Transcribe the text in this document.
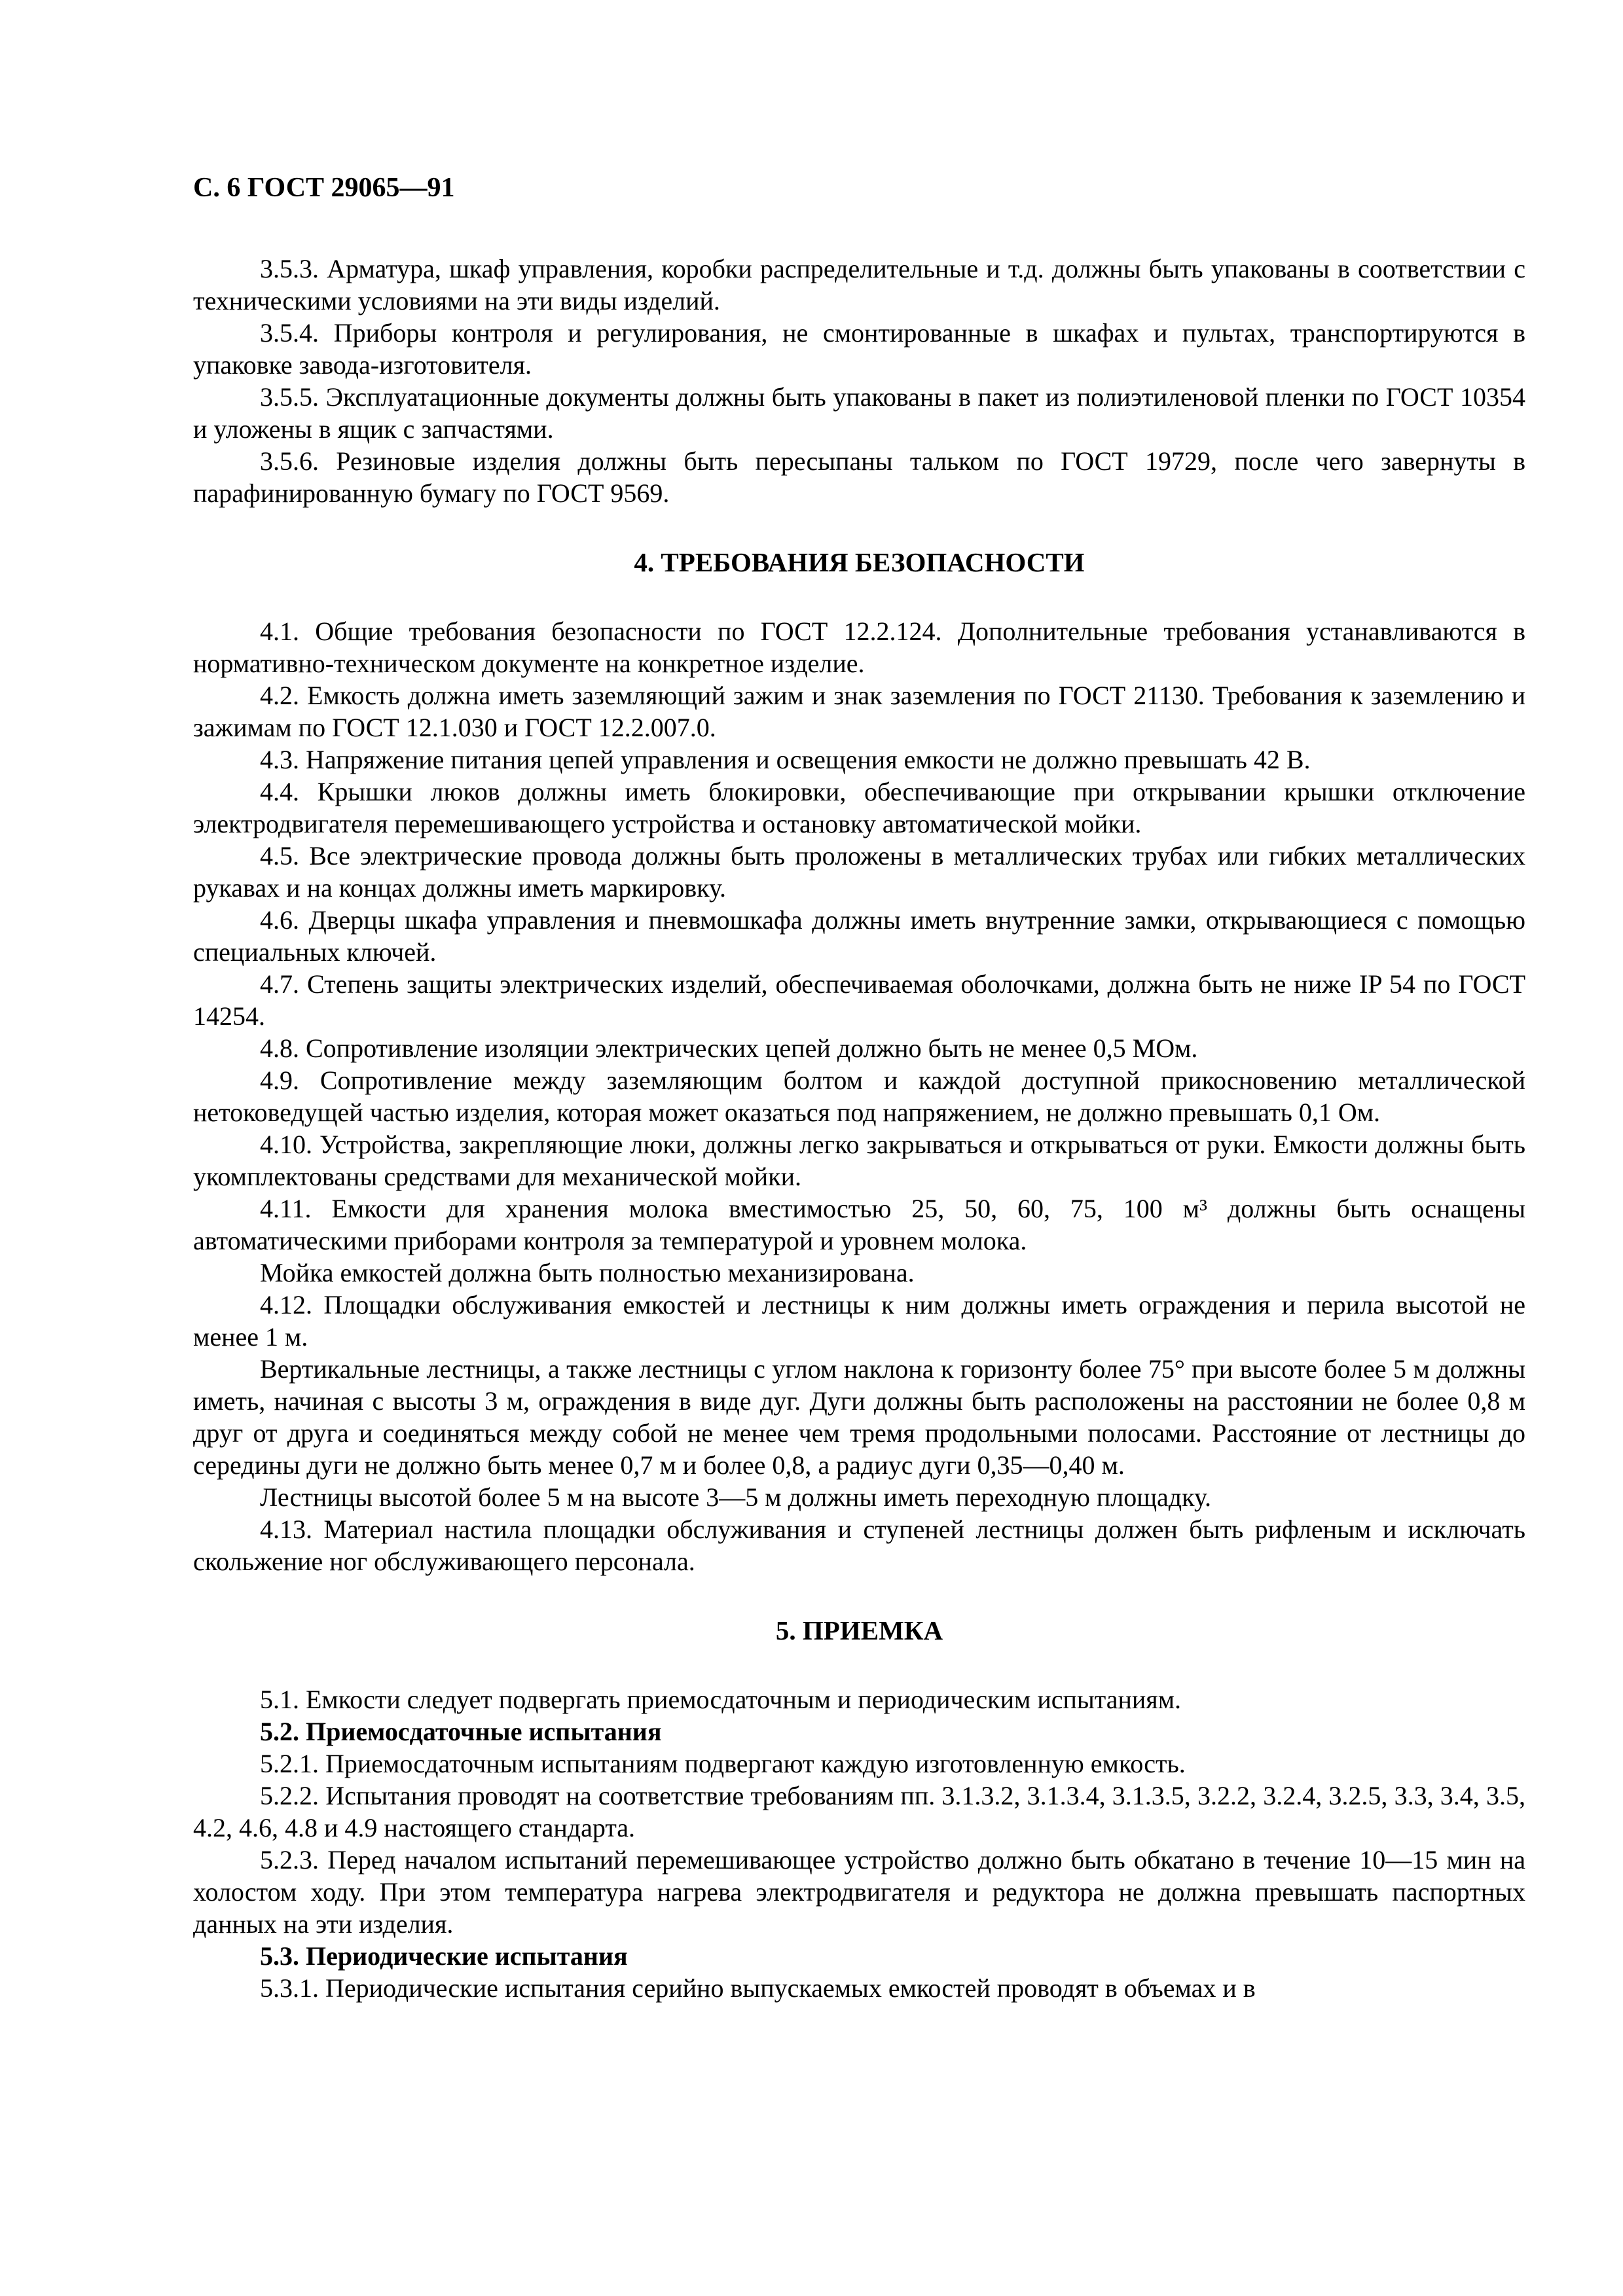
С. 6 ГОСТ 29065—91

3.5.3. Арматура, шкаф управления, коробки распределительные и т.д. должны быть упакованы в соответствии с техническими условиями на эти виды изделий.

3.5.4. Приборы контроля и регулирования, не смонтированные в шкафах и пультах, транспортируются в упаковке завода-изготовителя.

3.5.5. Эксплуатационные документы должны быть упакованы в пакет из полиэтиленовой пленки по ГОСТ 10354 и уложены в ящик с запчастями.

3.5.6. Резиновые изделия должны быть пересыпаны тальком по ГОСТ 19729, после чего завернуты в парафинированную бумагу по ГОСТ 9569.

4. ТРЕБОВАНИЯ БЕЗОПАСНОСТИ

4.1. Общие требования безопасности по ГОСТ 12.2.124. Дополнительные требования устанавливаются в нормативно-техническом документе на конкретное изделие.

4.2. Емкость должна иметь заземляющий зажим и знак заземления по ГОСТ 21130. Требования к заземлению и зажимам по ГОСТ 12.1.030 и ГОСТ 12.2.007.0.

4.3. Напряжение питания цепей управления и освещения емкости не должно превышать 42 В.

4.4. Крышки люков должны иметь блокировки, обеспечивающие при открывании крышки отключение электродвигателя перемешивающего устройства и остановку автоматической мойки.

4.5. Все электрические провода должны быть проложены в металлических трубах или гибких металлических рукавах и на концах должны иметь маркировку.

4.6. Дверцы шкафа управления и пневмошкафа должны иметь внутренние замки, открывающиеся с помощью специальных ключей.

4.7. Степень защиты электрических изделий, обеспечиваемая оболочками, должна быть не ниже IP 54 по ГОСТ 14254.

4.8. Сопротивление изоляции электрических цепей должно быть не менее 0,5 МОм.

4.9. Сопротивление между заземляющим болтом и каждой доступной прикосновению металлической нетоковедущей частью изделия, которая может оказаться под напряжением, не должно превышать 0,1 Ом.

4.10. Устройства, закрепляющие люки, должны легко закрываться и открываться от руки. Емкости должны быть укомплектованы средствами для механической мойки.

4.11. Емкости для хранения молока вместимостью 25, 50, 60, 75, 100 м³ должны быть оснащены автоматическими приборами контроля за температурой и уровнем молока.

Мойка емкостей должна быть полностью механизирована.

4.12. Площадки обслуживания емкостей и лестницы к ним должны иметь ограждения и перила высотой не менее 1 м.

Вертикальные лестницы, а также лестницы с углом наклона к горизонту более 75° при высоте более 5 м должны иметь, начиная с высоты 3 м, ограждения в виде дуг. Дуги должны быть расположены на расстоянии не более 0,8 м друг от друга и соединяться между собой не менее чем тремя продольными полосами. Расстояние от лестницы до середины дуги не должно быть менее 0,7 м и более 0,8, а радиус дуги 0,35—0,40 м.

Лестницы высотой более 5 м на высоте 3—5 м должны иметь переходную площадку.

4.13. Материал настила площадки обслуживания и ступеней лестницы должен быть рифленым и исключать скольжение ног обслуживающего персонала.

5. ПРИЕМКА

5.1. Емкости следует подвергать приемосдаточным и периодическим испытаниям.

5.2. Приемосдаточные испытания

5.2.1. Приемосдаточным испытаниям подвергают каждую изготовленную емкость.

5.2.2. Испытания проводят на соответствие требованиям пп. 3.1.3.2, 3.1.3.4, 3.1.3.5, 3.2.2, 3.2.4, 3.2.5, 3.3, 3.4, 3.5, 4.2, 4.6, 4.8 и 4.9 настоящего стандарта.

5.2.3. Перед началом испытаний перемешивающее устройство должно быть обкатано в течение 10—15 мин на холостом ходу. При этом температура нагрева электродвигателя и редуктора не должна превышать паспортных данных на эти изделия.

5.3. Периодические испытания

5.3.1. Периодические испытания серийно выпускаемых емкостей проводят в объемах и в
